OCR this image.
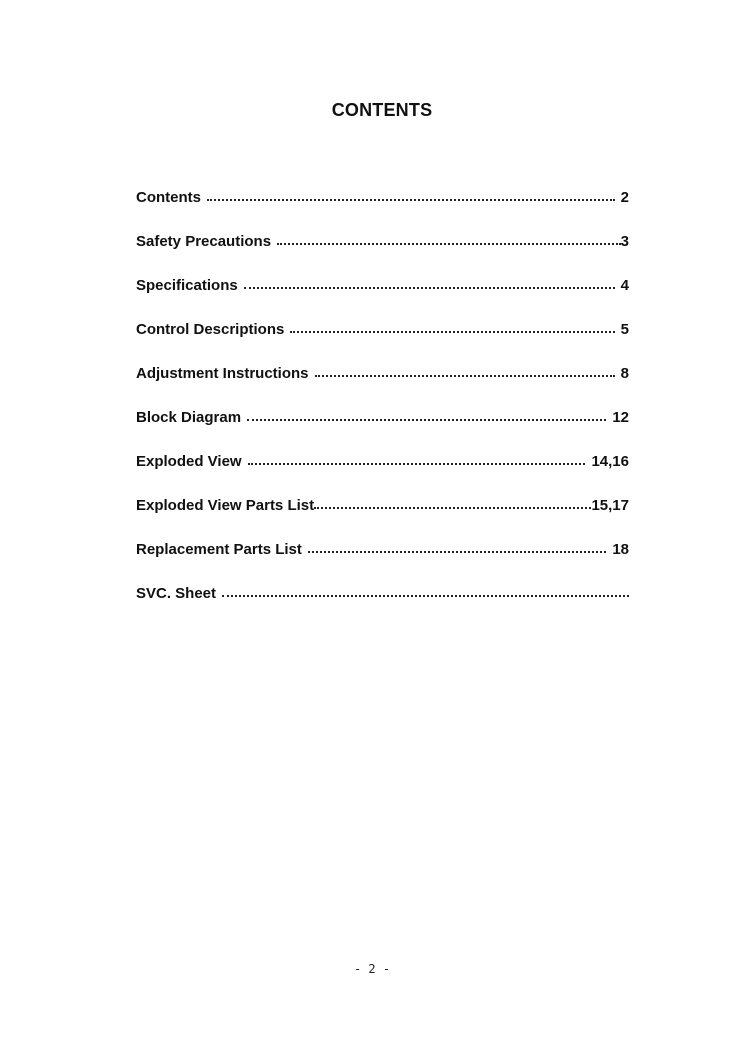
CONTENTS
Contents	2
Safety Precautions	3
Specifications	4
Control Descriptions	5
Adjustment Instructions	8
Block Diagram	12
Exploded View	14,16
Exploded View Parts List	15,17
Replacement Parts List	18
SVC. Sheet
- 2 -
